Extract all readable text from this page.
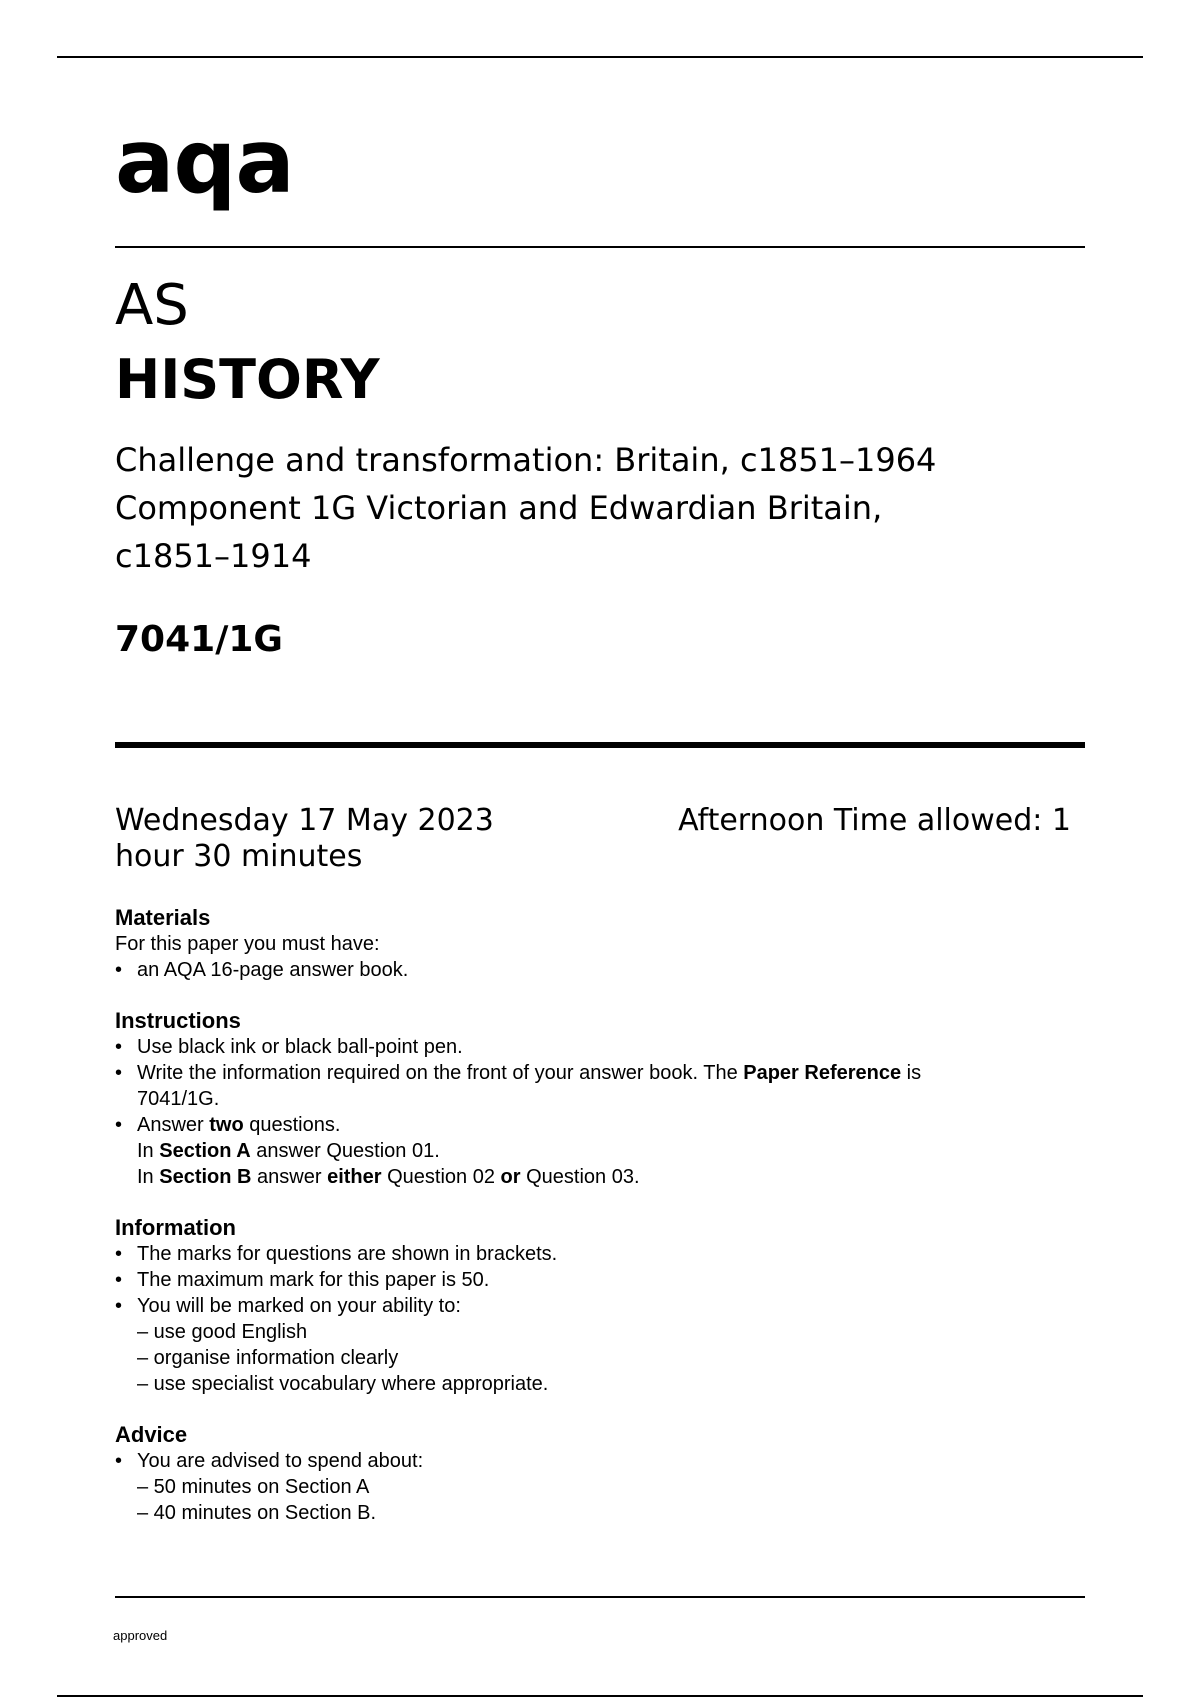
aqa
AS
HISTORY
Challenge and transformation: Britain, c1851–1964
Component 1G Victorian and Edwardian Britain,
c1851–1914
7041/1G
Wednesday 17 May 2023	Afternoon Time allowed: 1
hour 30 minutes
Materials

For this paper you must have:

• an AQA 16-page answer book.

Instructions

• Use black ink or black ball-point pen.

• Write the information required on the front of your answer book. The Paper Reference is
7041/1G.
• Answer two questions.
In Section A answer Question 01.
In Section B answer either Question 02 or Question 03.
Information

• The marks for questions are shown in brackets.

• The maximum mark for this paper is 50.

• You will be marked on your ability to:

– use good English

– organise information clearly

– use specialist vocabulary where appropriate.

Advice

• You are advised to spend about:

– 50 minutes on Section A

– 40 minutes on Section B.

approved
